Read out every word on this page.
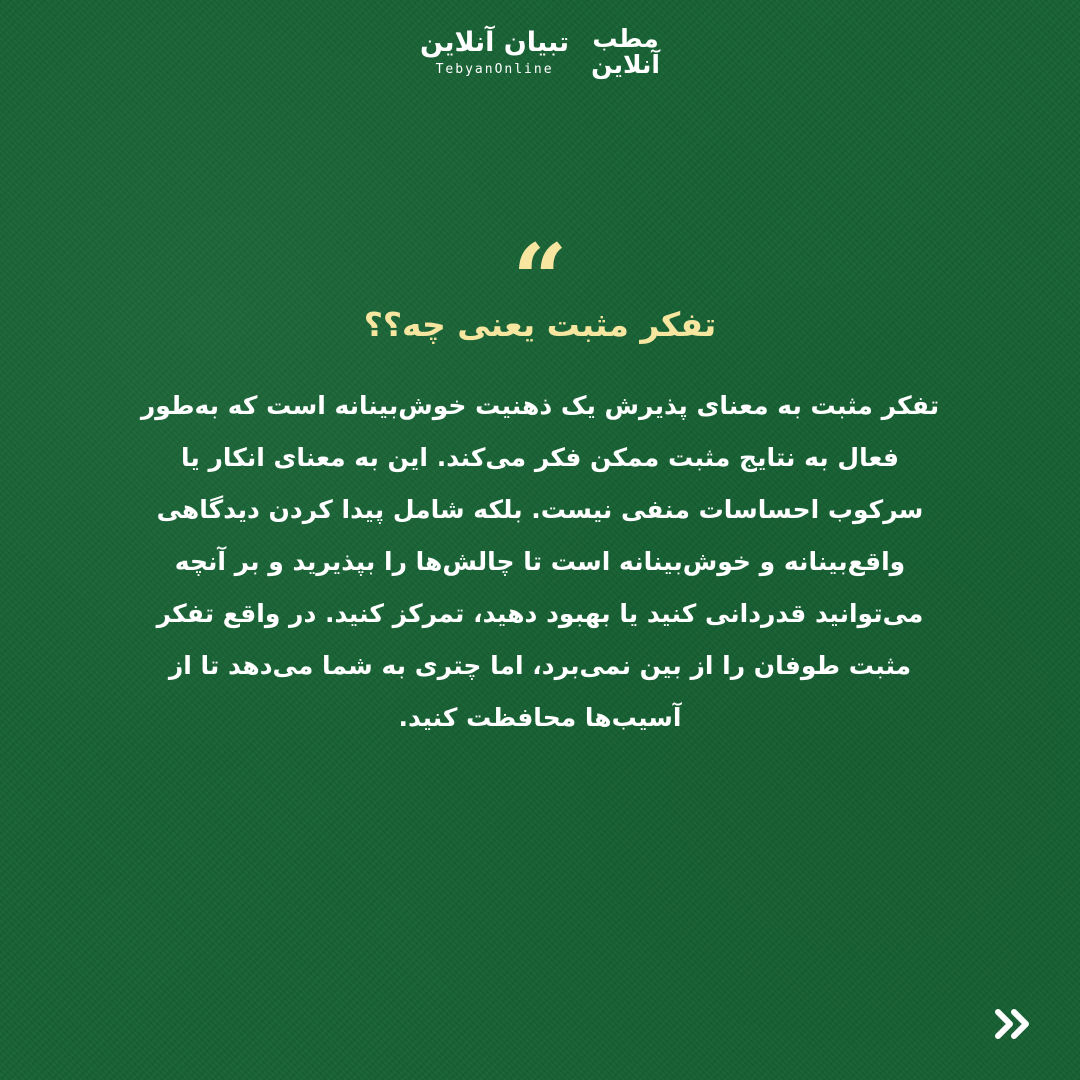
تبیان آنلاین
TebyanOnline
مطب
آنلاین
“
تفکر مثبت یعنی چه؟؟
تفکر مثبت به معنای پذیرش یک ذهنیت خوش‌بینانه است که به‌طور فعال به نتایج مثبت ممکن فکر می‌کند. این به معنای انکار یا سرکوب احساسات منفی نیست. بلکه شامل پیدا کردن دیدگاهی واقع‌بینانه و خوش‌بینانه است تا چالش‌ها را بپذیرید و بر آنچه می‌توانید قدردانی کنید یا بهبود دهید، تمرکز کنید. در واقع تفکر مثبت طوفان را از بین نمی‌برد، اما چتری به شما می‌دهد تا از آسیب‌ها محافظت کنید.
